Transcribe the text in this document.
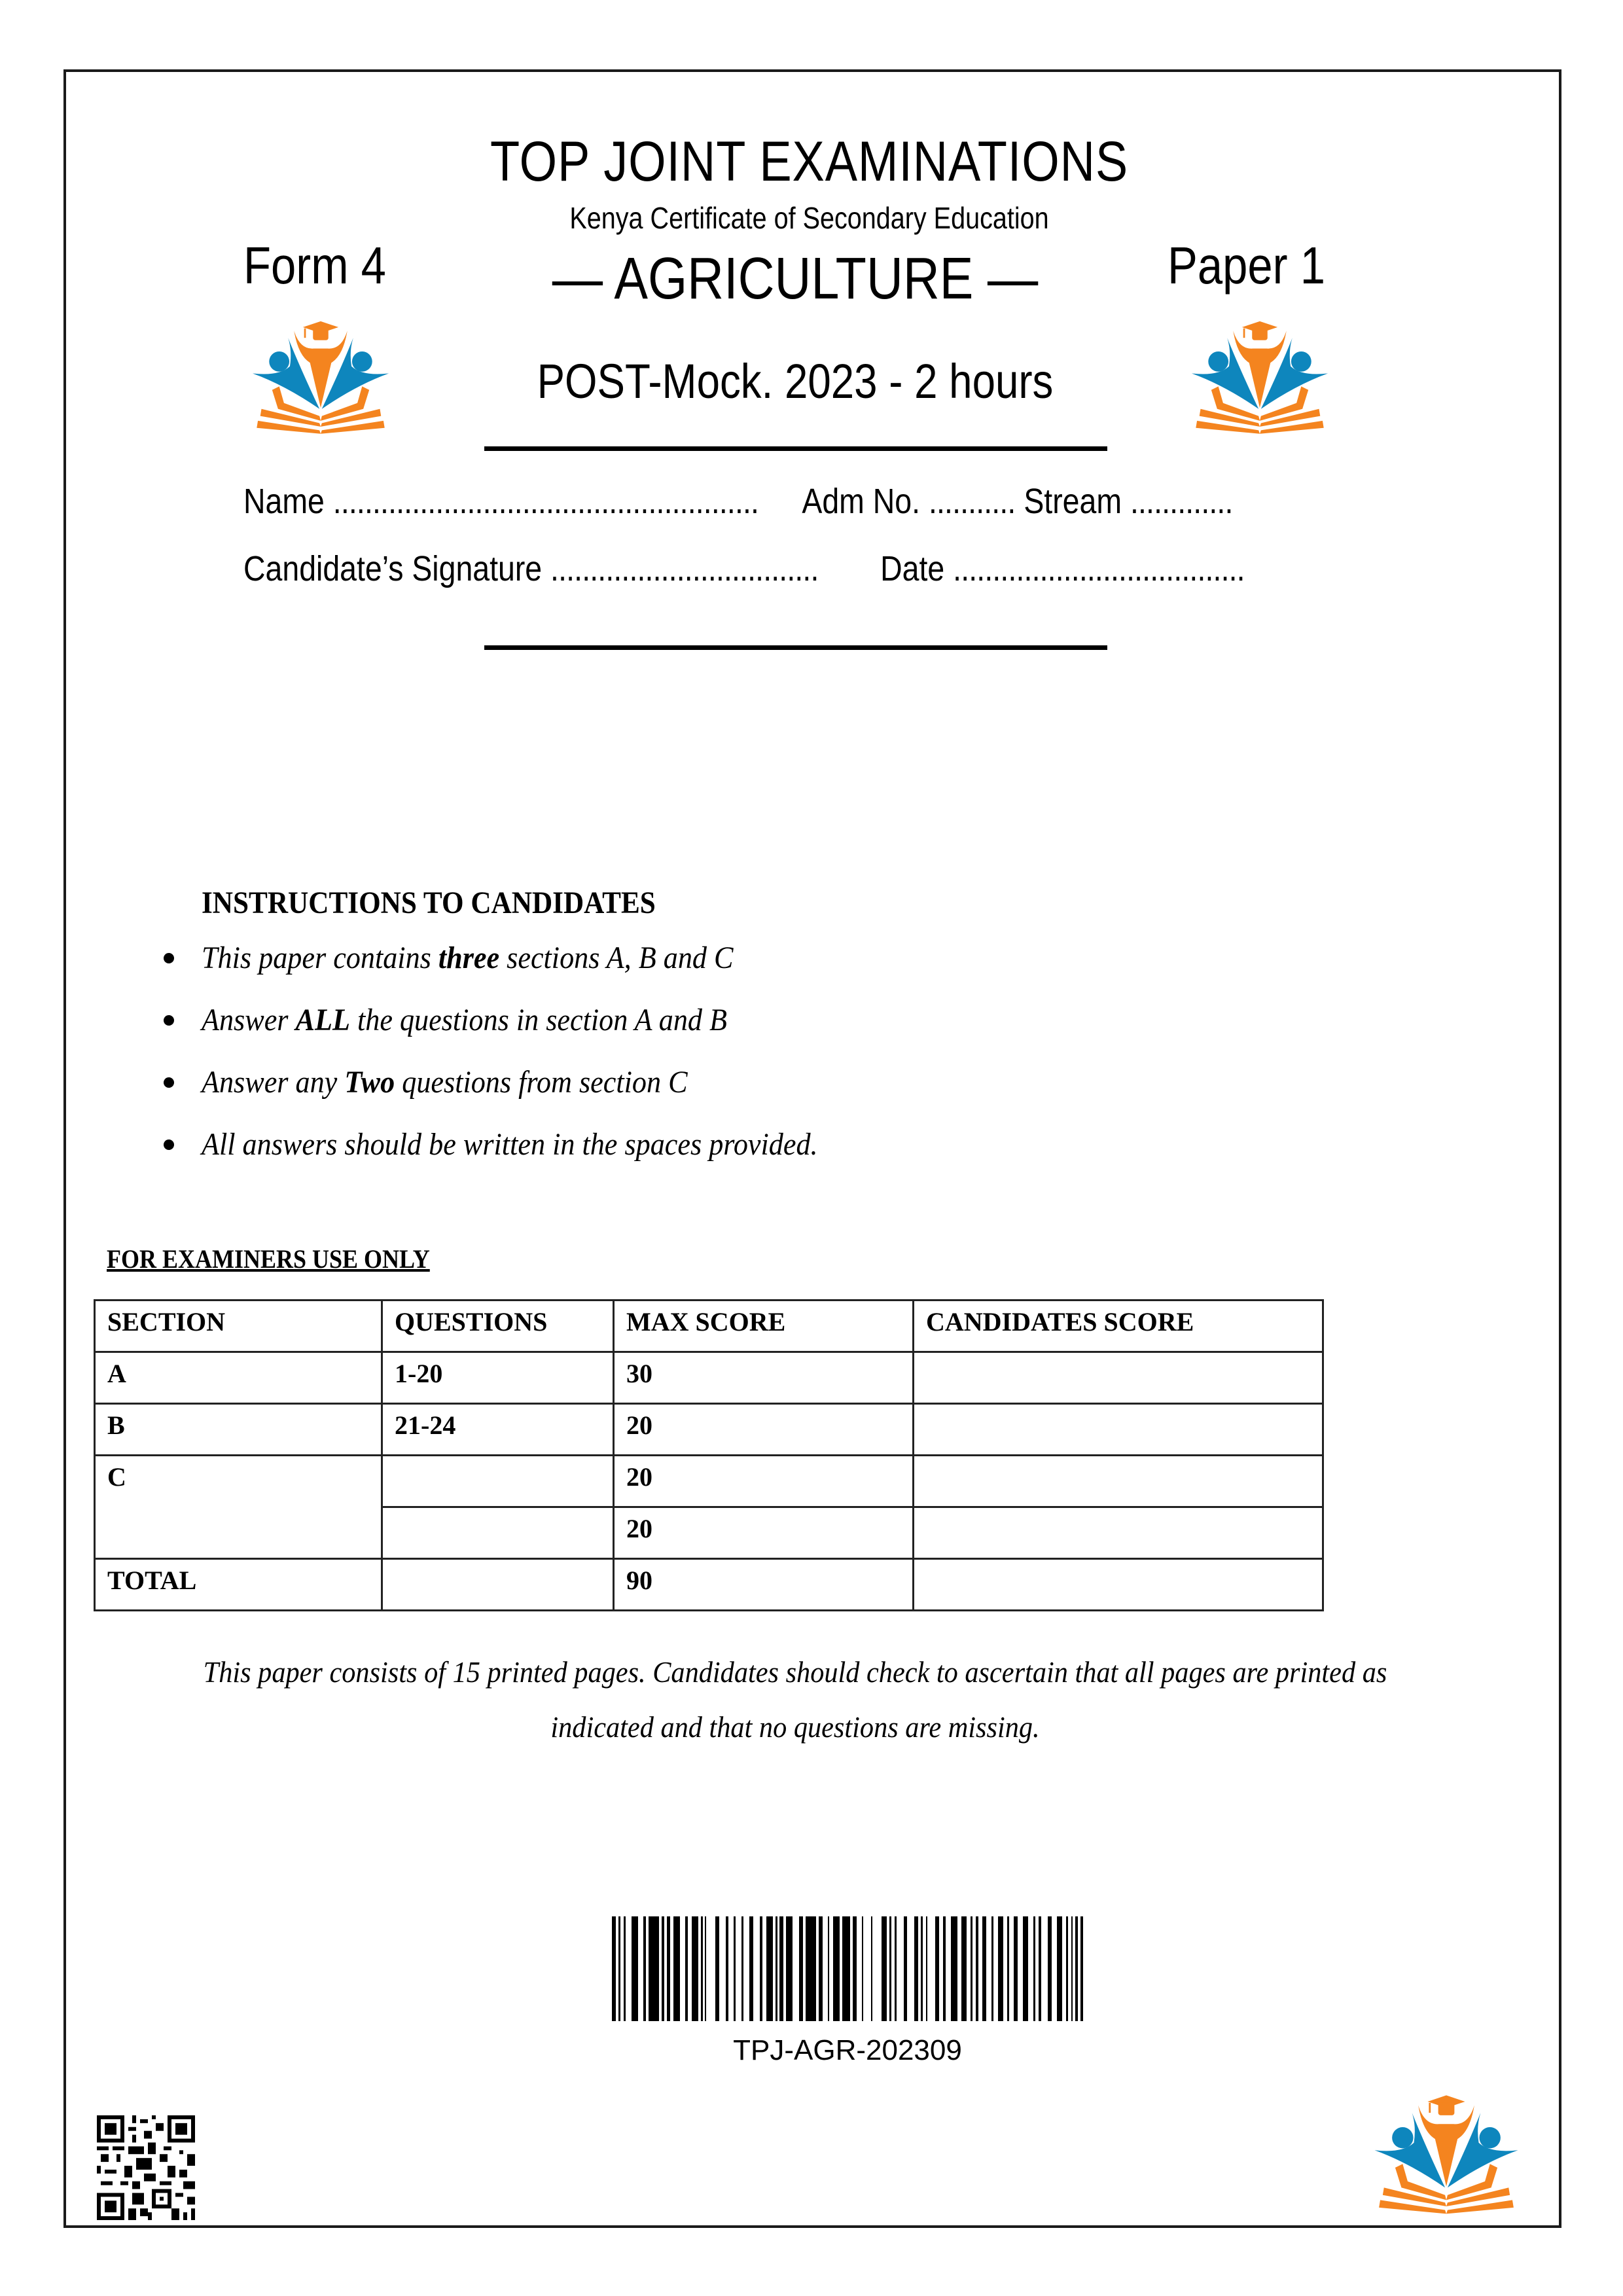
TOP JOINT EXAMINATIONS
Kenya Certificate of Secondary Education
Form 4	Paper 1
— AGRICULTURE —
POST-Mock. 2023 - 2 hours
Name ...................................................... Adm No. ........... Stream .............
Candidate’s Signature .................................. Date .....................................
INSTRUCTIONS TO CANDIDATES
This paper contains three sections A, B and C
Answer ALL the questions in section A and B
Answer any Two questions from section C
All answers should be written in the spaces provided.
FOR EXAMINERS USE ONLY
SECTION	QUESTIONS	MAX SCORE	CANDIDATES SCORE
A	1-20	30	
B	21-24	20	
C		20	
		20	
TOTAL		90	
This paper consists of 15 printed pages. Candidates should check to ascertain that all pages are printed as
indicated and that no questions are missing.
TPJ-AGR-202309
